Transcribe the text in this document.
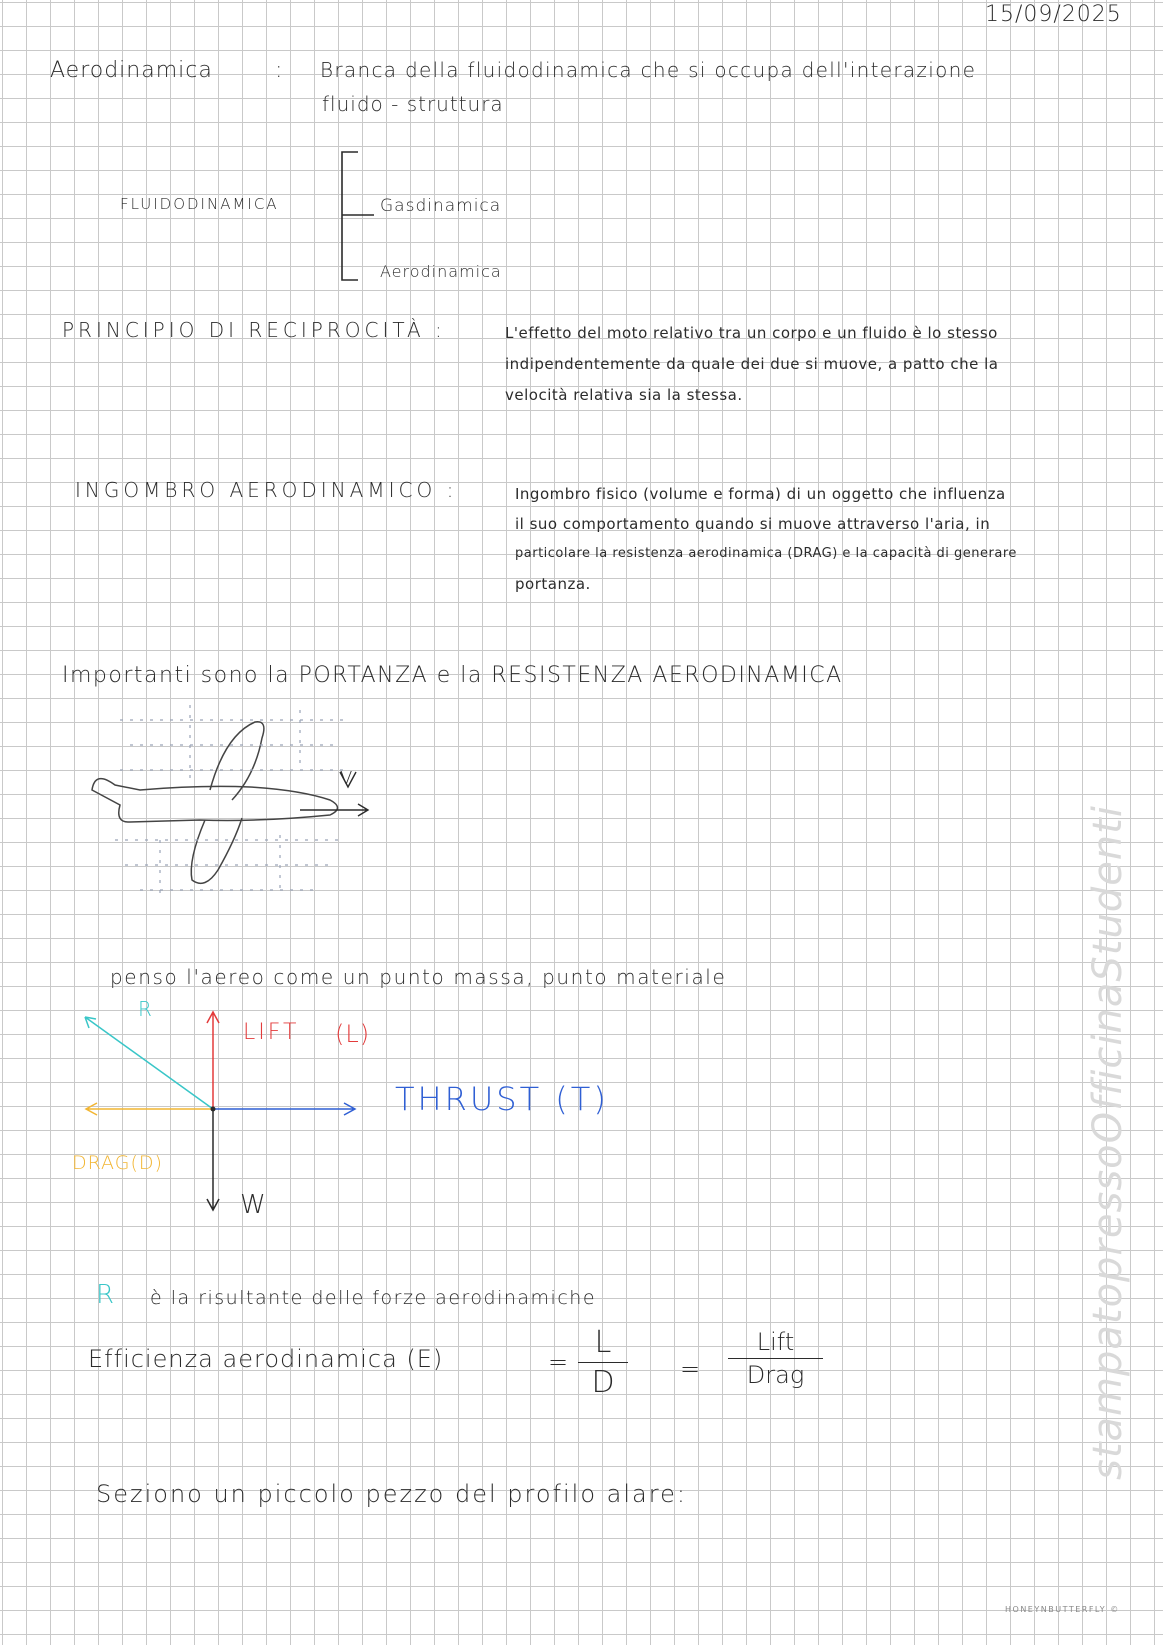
15/09/2025
Aerodinamica	: Branca della fluidodinamica che si occupa dell'interazione
fluido - struttura
FLUIDODINAMICA	Gasdinamica
Aerodinamica
PRINCIPIO DI RECIPROCITÀ :	L'effetto del moto relativo tra un corpo e un fluido è lo stesso
indipendentemente da quale dei due si muove, a patto che la
velocità relativa sia la stessa.
INGOMBRO AERODINAMICO :	Ingombro fisico (volume e forma) di un oggetto che influenza
il suo comportamento quando si muove attraverso l'aria, in
particolare la resistenza aerodinamica (DRAG) e la capacità di generare
portanza.
Importanti sono la PORTANZA e la RESISTENZA AERODINAMICA
V
penso l'aereo come un punto massa, punto materiale
R
LIFT (L)
THRUST (T)
DRAG(D)
W
R è la risultante delle forze aerodinamiche
Efficienza aerodinamica (E)	=
L
D	=
Lift
Drag
Seziono un piccolo pezzo del profilo alare:
stampatopressoOfficinaStudenti
HONEYNBUTTERFLY ©
